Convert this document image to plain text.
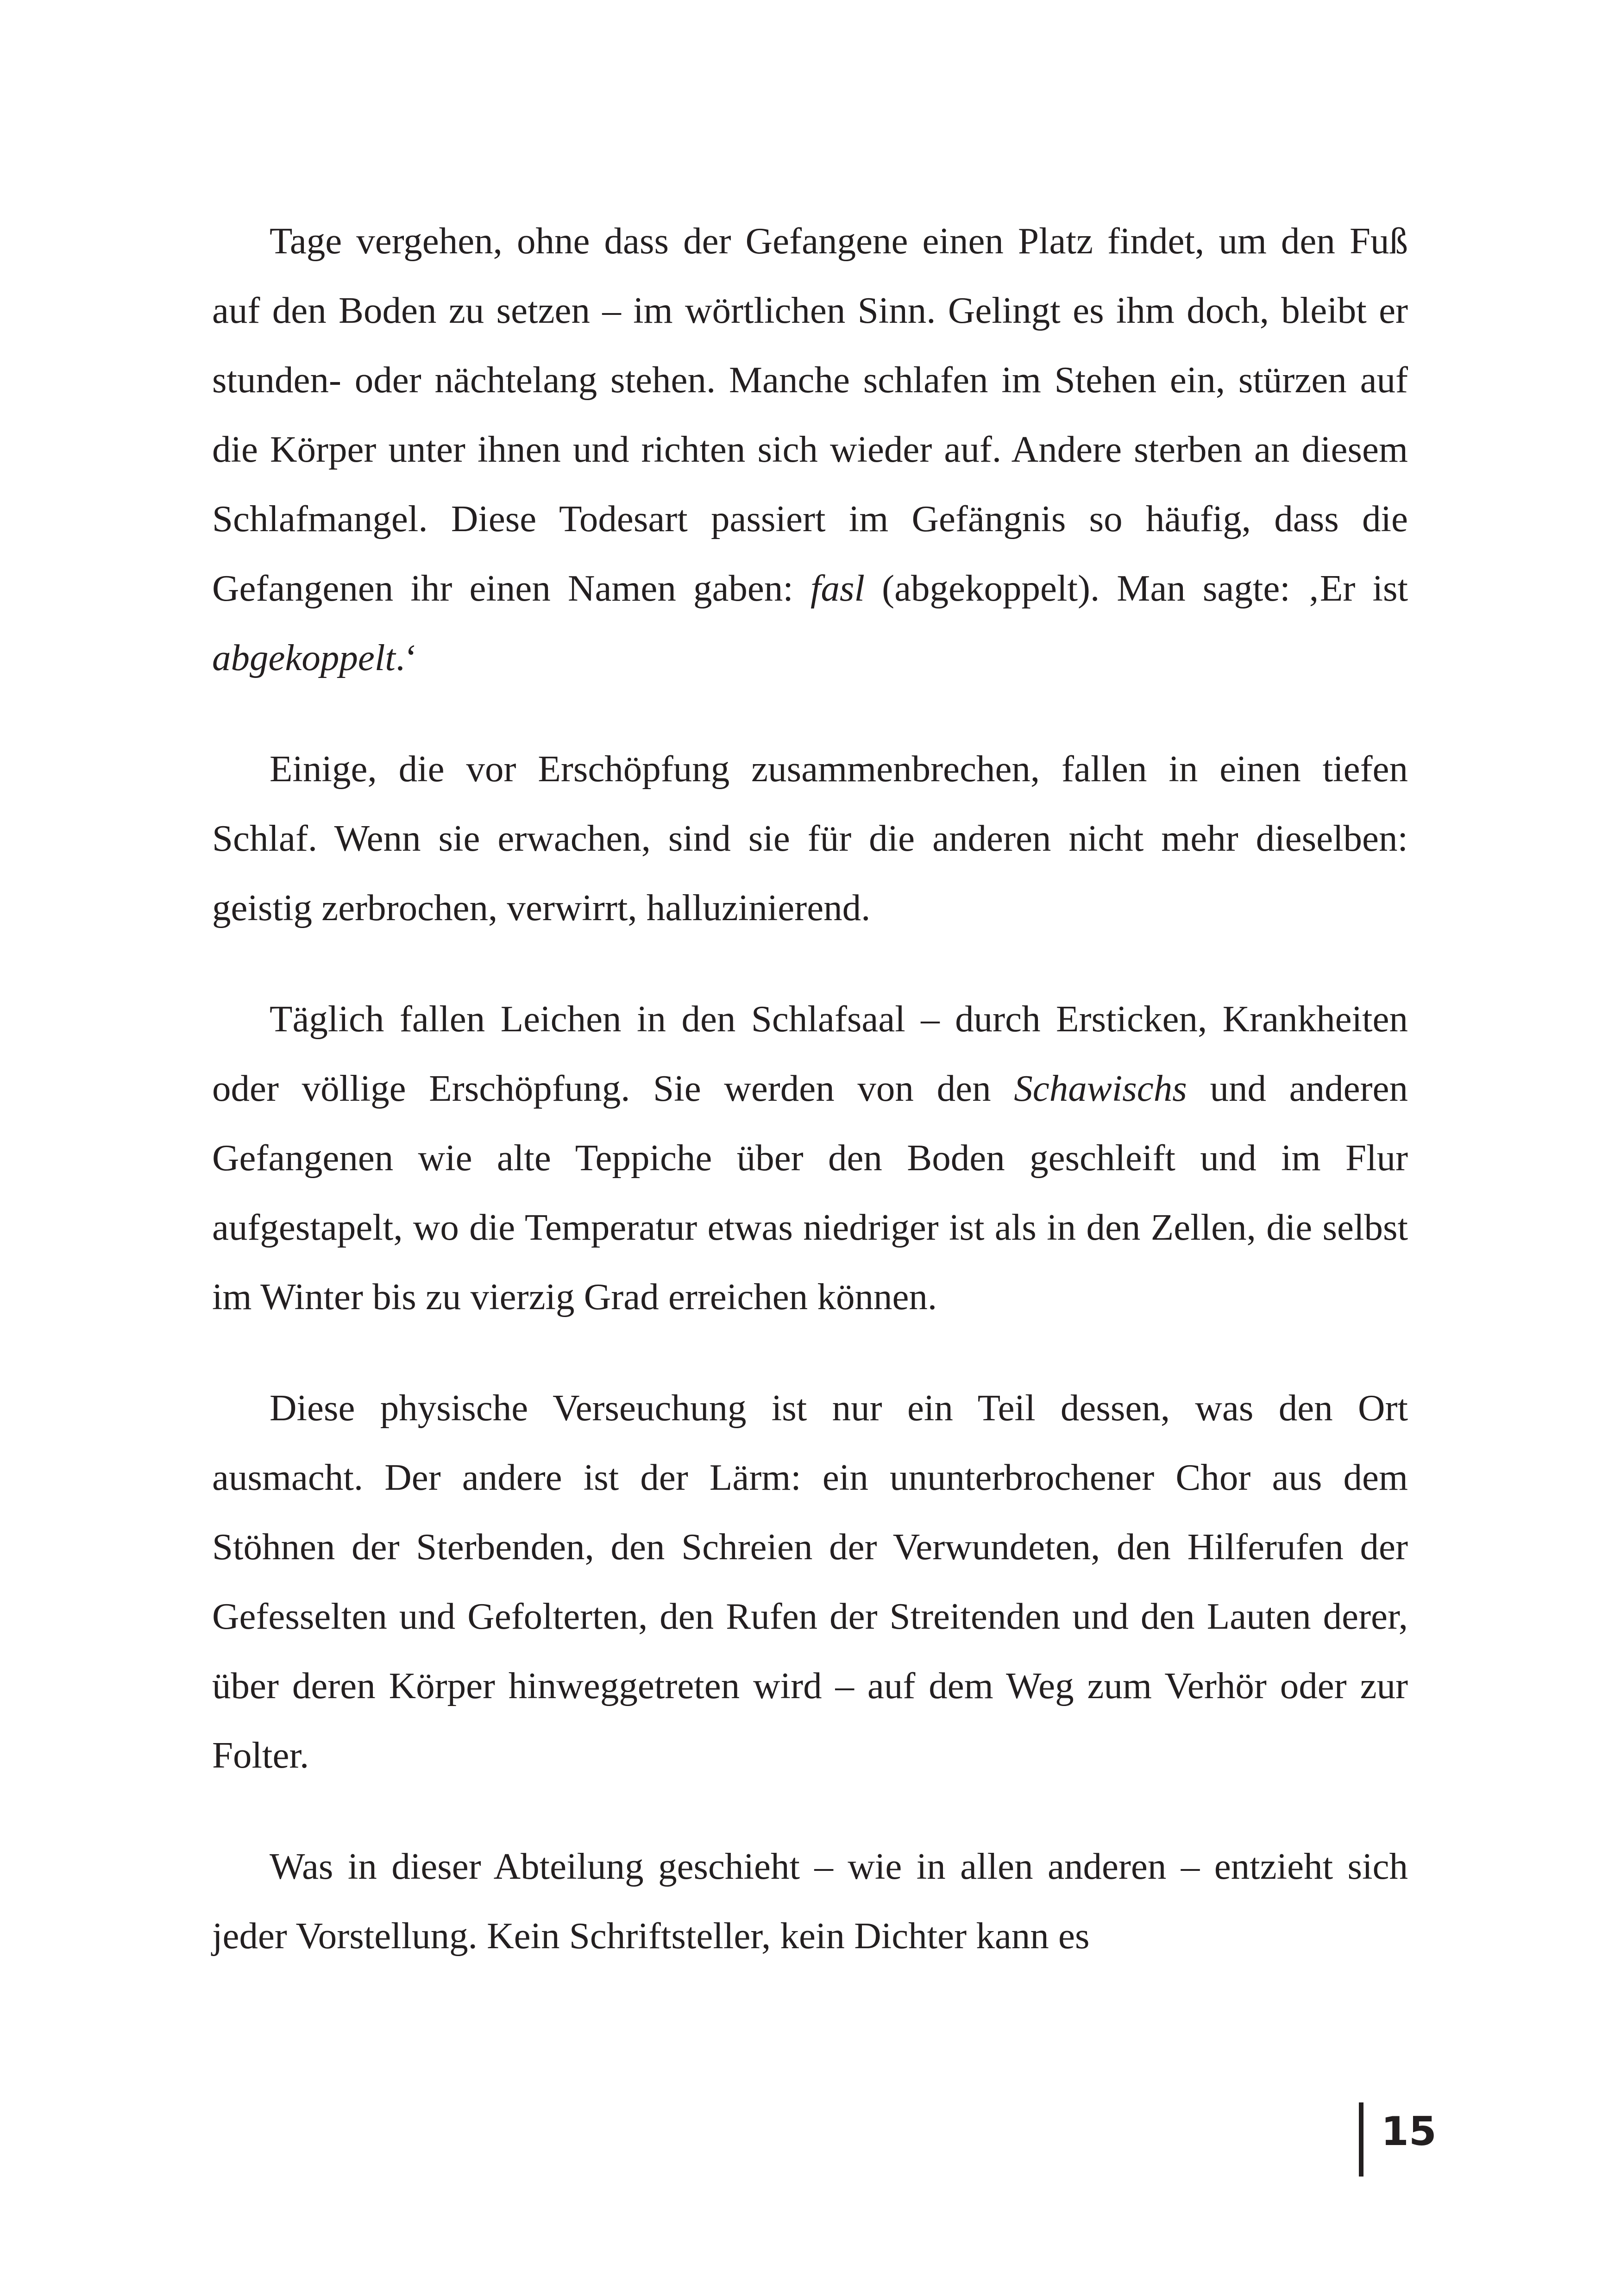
Tage vergehen, ohne dass der Gefangene einen Platz findet, um den Fuß auf den Boden zu setzen – im wörtlichen Sinn. Gelingt es ihm doch, bleibt er stunden- oder nächtelang stehen. Manche schlafen im Stehen ein, stürzen auf die Körper unter ihnen und richten sich wieder auf. Andere sterben an diesem Schlafmangel. Diese Todesart passiert im Gefängnis so häufig, dass die Gefangenen ihr einen Namen gaben: fasl (abgekoppelt). Man sagte: ‚Er ist abgekoppelt.‘

Einige, die vor Erschöpfung zusammenbrechen, fallen in einen tiefen Schlaf. Wenn sie erwachen, sind sie für die anderen nicht mehr dieselben: geistig zerbrochen, verwirrt, halluzinierend.

Täglich fallen Leichen in den Schlafsaal – durch Ersticken, Krankheiten oder völlige Erschöpfung. Sie werden von den Schawischs und anderen Gefangenen wie alte Teppiche über den Boden geschleift und im Flur aufgestapelt, wo die Temperatur etwas niedriger ist als in den Zellen, die selbst im Winter bis zu vierzig Grad erreichen können.

Diese physische Verseuchung ist nur ein Teil dessen, was den Ort ausmacht. Der andere ist der Lärm: ein ununterbrochener Chor aus dem Stöhnen der Sterbenden, den Schreien der Verwundeten, den Hilferufen der Gefesselten und Gefolterten, den Rufen der Streitenden und den Lauten derer, über deren Körper hinweggetreten wird – auf dem Weg zum Verhör oder zur Folter.

Was in dieser Abteilung geschieht – wie in allen anderen – entzieht sich jeder Vorstellung. Kein Schriftsteller, kein Dichter kann es

15
